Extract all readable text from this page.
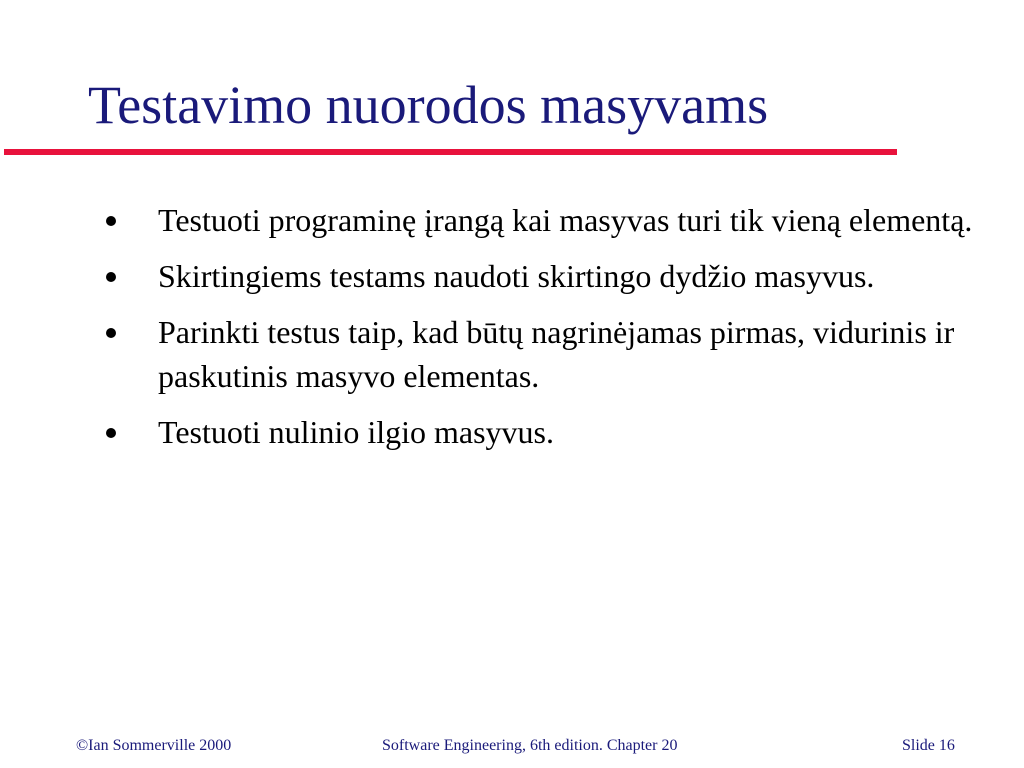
Testavimo nuorodos masyvams
Testuoti programinę įrangą kai masyvas turi tik vieną elementą.
Skirtingiems testams naudoti skirtingo dydžio masyvus.
Parinkti testus taip, kad būtų nagrinėjamas pirmas, vidurinis ir paskutinis masyvo elementas.
Testuoti nulinio ilgio masyvus.
©Ian Sommerville 2000	Software Engineering, 6th edition. Chapter 20	Slide 16
